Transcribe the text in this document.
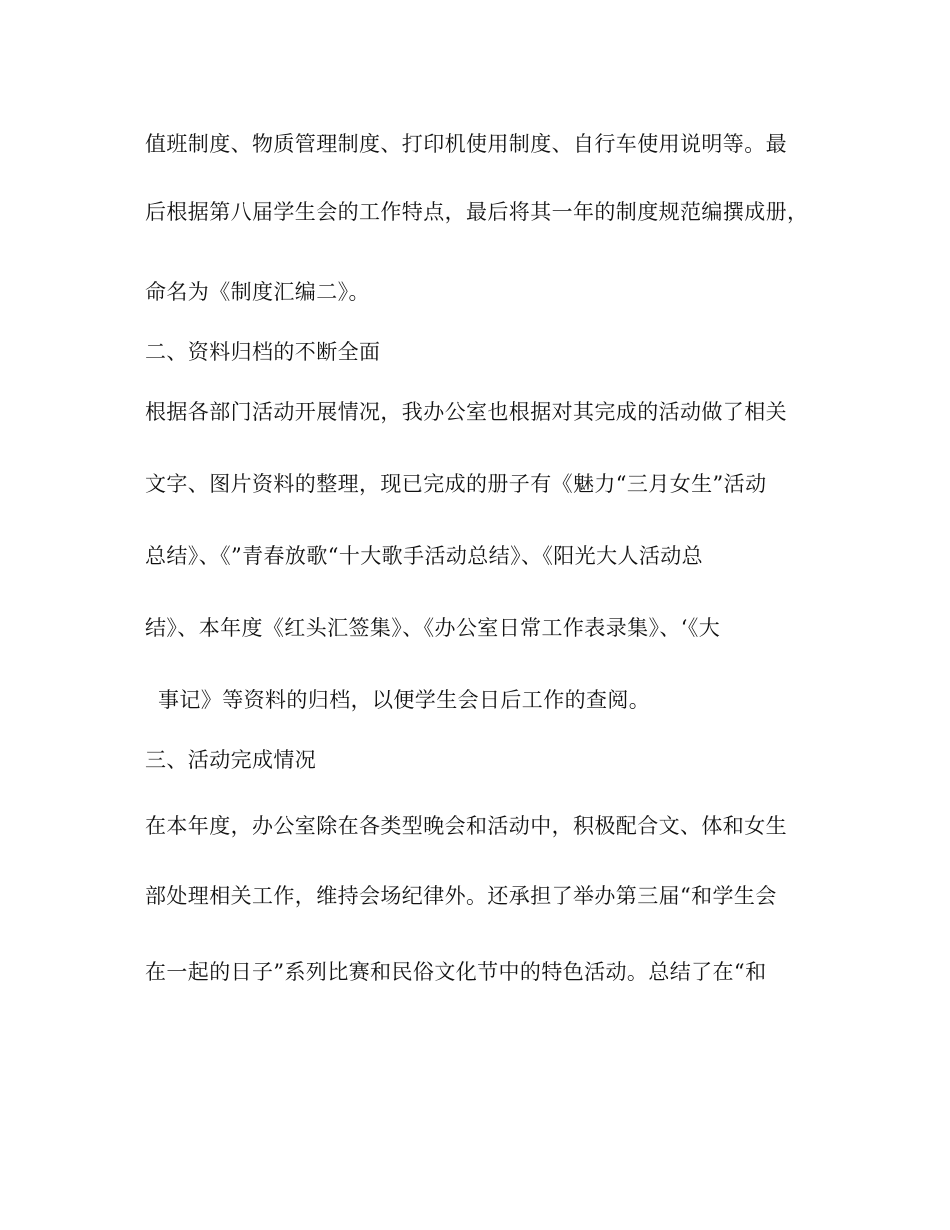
值班制度、物质管理制度、打印机使用制度、自行车使用说明等。最
后根据第八届学生会的工作特点，最后将其一年的制度规范编撰成册，
命名为《制度汇编二》。
二、资料归档的不断全面
根据各部门活动开展情况，我办公室也根据对其完成的活动做了相关
文字、图片资料的整理，现已完成的册子有《魅力“三月女生”活动
总结》、《”青春放歌“十大歌手活动总结》、《阳光大人活动总
结》、本年度《红头汇签集》、《办公室日常工作表录集》、‘《大
事记》等资料的归档，以便学生会日后工作的查阅。
三、活动完成情况
在本年度，办公室除在各类型晚会和活动中，积极配合文、体和女生
部处理相关工作，维持会场纪律外。还承担了举办第三届“和学生会
在一起的日子”系列比赛和民俗文化节中的特色活动。总结了在“和
